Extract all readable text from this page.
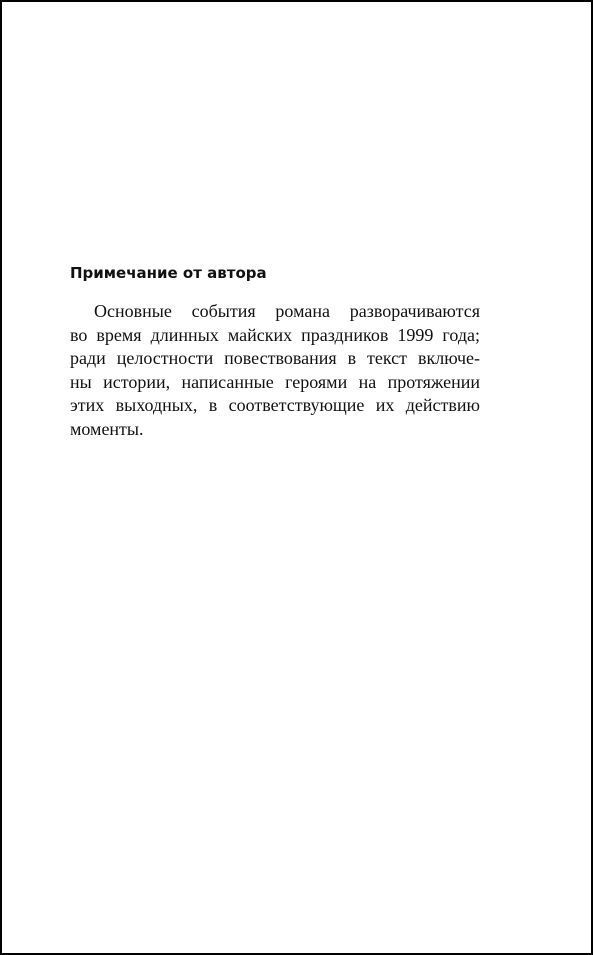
Примечание от автора
Основные события романа разворачиваются
во время длинных майских праздников 1999 года;
ради целостности повествования в текст включе-
ны истории, написанные героями на протяжении
этих выходных, в соответствующие их действию
моменты.
